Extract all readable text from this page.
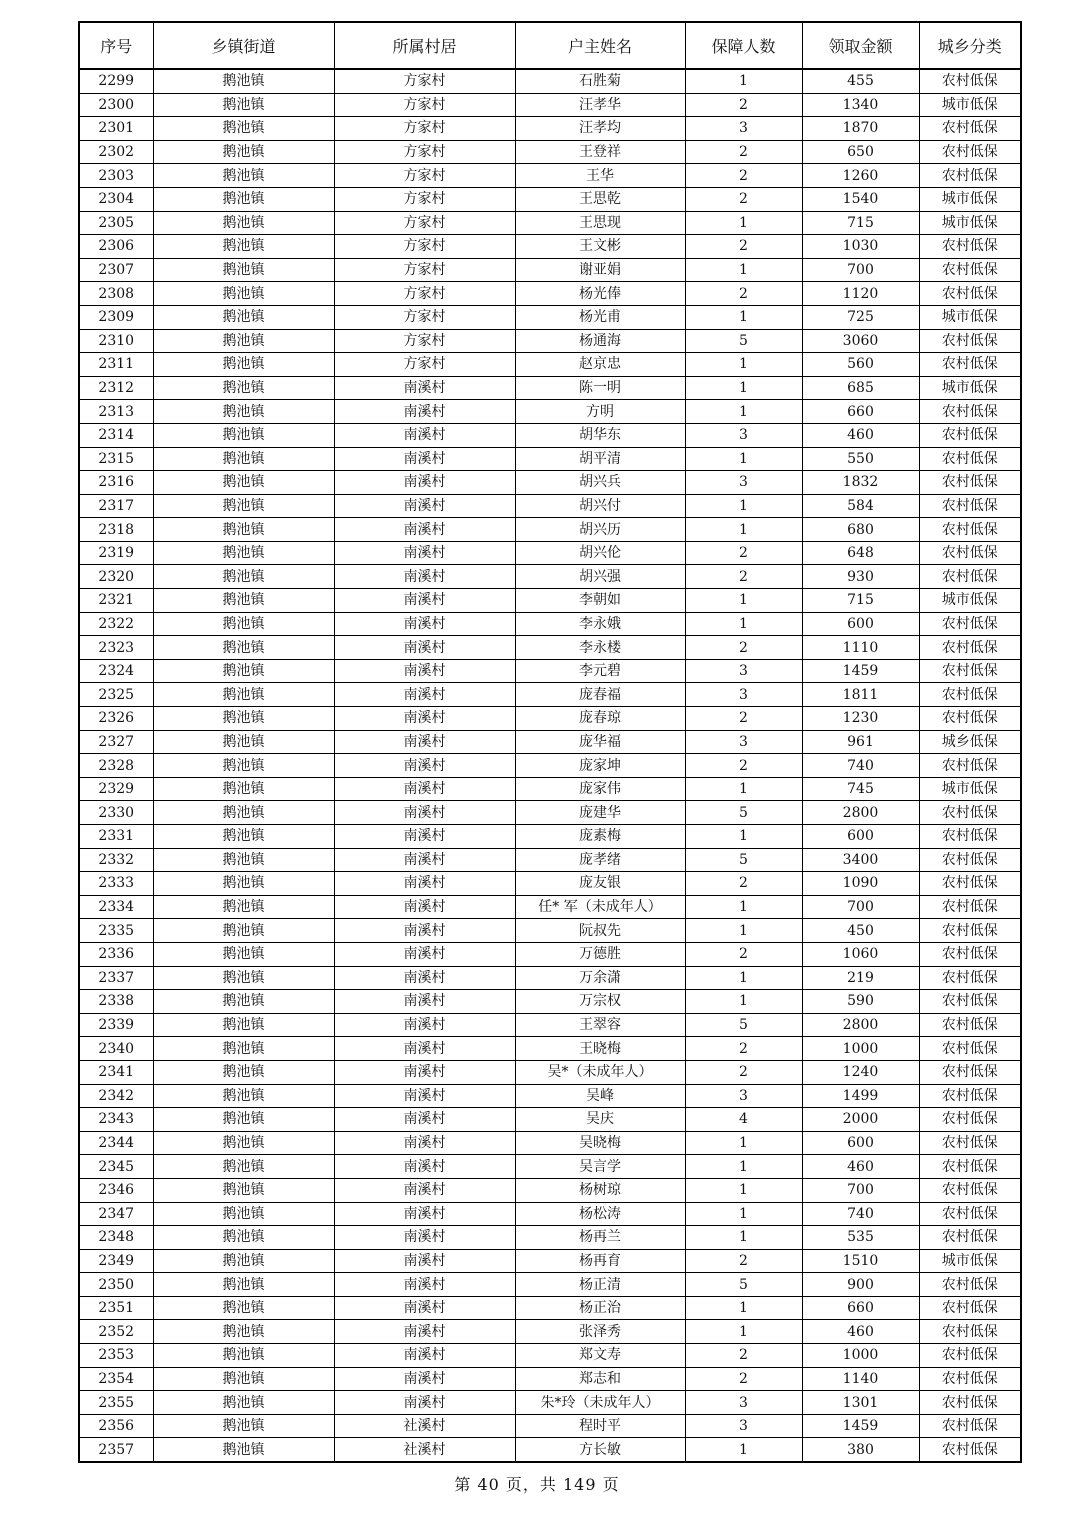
序号	乡镇街道	所属村居	户主姓名	保障人数	领取金额	城乡分类
2299	鹅池镇	方家村	石胜菊	1	455	农村低保
2300	鹅池镇	方家村	汪孝华	2	1340	城市低保
2301	鹅池镇	方家村	汪孝均	3	1870	农村低保
2302	鹅池镇	方家村	王登祥	2	650	农村低保
2303	鹅池镇	方家村	王华	2	1260	农村低保
2304	鹅池镇	方家村	王思乾	2	1540	城市低保
2305	鹅池镇	方家村	王思现	1	715	城市低保
2306	鹅池镇	方家村	王文彬	2	1030	农村低保
2307	鹅池镇	方家村	谢亚娟	1	700	农村低保
2308	鹅池镇	方家村	杨光俸	2	1120	农村低保
2309	鹅池镇	方家村	杨光甫	1	725	城市低保
2310	鹅池镇	方家村	杨通海	5	3060	农村低保
2311	鹅池镇	方家村	赵京忠	1	560	农村低保
2312	鹅池镇	南溪村	陈一明	1	685	城市低保
2313	鹅池镇	南溪村	方明	1	660	农村低保
2314	鹅池镇	南溪村	胡华东	3	460	农村低保
2315	鹅池镇	南溪村	胡平清	1	550	农村低保
2316	鹅池镇	南溪村	胡兴兵	3	1832	农村低保
2317	鹅池镇	南溪村	胡兴付	1	584	农村低保
2318	鹅池镇	南溪村	胡兴历	1	680	农村低保
2319	鹅池镇	南溪村	胡兴伦	2	648	农村低保
2320	鹅池镇	南溪村	胡兴强	2	930	农村低保
2321	鹅池镇	南溪村	李朝如	1	715	城市低保
2322	鹅池镇	南溪村	李永娥	1	600	农村低保
2323	鹅池镇	南溪村	李永楼	2	1110	农村低保
2324	鹅池镇	南溪村	李元碧	3	1459	农村低保
2325	鹅池镇	南溪村	庞春福	3	1811	农村低保
2326	鹅池镇	南溪村	庞春琼	2	1230	农村低保
2327	鹅池镇	南溪村	庞华福	3	961	城乡低保
2328	鹅池镇	南溪村	庞家坤	2	740	农村低保
2329	鹅池镇	南溪村	庞家伟	1	745	城市低保
2330	鹅池镇	南溪村	庞建华	5	2800	农村低保
2331	鹅池镇	南溪村	庞素梅	1	600	农村低保
2332	鹅池镇	南溪村	庞孝绪	5	3400	农村低保
2333	鹅池镇	南溪村	庞友银	2	1090	农村低保
2334	鹅池镇	南溪村	任* 军（未成年人）	1	700	农村低保
2335	鹅池镇	南溪村	阮叔先	1	450	农村低保
2336	鹅池镇	南溪村	万德胜	2	1060	农村低保
2337	鹅池镇	南溪村	万余潇	1	219	农村低保
2338	鹅池镇	南溪村	万宗权	1	590	农村低保
2339	鹅池镇	南溪村	王翠容	5	2800	农村低保
2340	鹅池镇	南溪村	王晓梅	2	1000	农村低保
2341	鹅池镇	南溪村	吴*（未成年人）	2	1240	农村低保
2342	鹅池镇	南溪村	吴峰	3	1499	农村低保
2343	鹅池镇	南溪村	吴庆	4	2000	农村低保
2344	鹅池镇	南溪村	吴晓梅	1	600	农村低保
2345	鹅池镇	南溪村	吴言学	1	460	农村低保
2346	鹅池镇	南溪村	杨树琼	1	700	农村低保
2347	鹅池镇	南溪村	杨松涛	1	740	农村低保
2348	鹅池镇	南溪村	杨再兰	1	535	农村低保
2349	鹅池镇	南溪村	杨再育	2	1510	城市低保
2350	鹅池镇	南溪村	杨正清	5	900	农村低保
2351	鹅池镇	南溪村	杨正治	1	660	农村低保
2352	鹅池镇	南溪村	张泽秀	1	460	农村低保
2353	鹅池镇	南溪村	郑文寿	2	1000	农村低保
2354	鹅池镇	南溪村	郑志和	2	1140	农村低保
2355	鹅池镇	南溪村	朱*玲（未成年人）	3	1301	农村低保
2356	鹅池镇	社溪村	程时平	3	1459	农村低保
2357	鹅池镇	社溪村	方长敏	1	380	农村低保
第 40 页，共 149 页
